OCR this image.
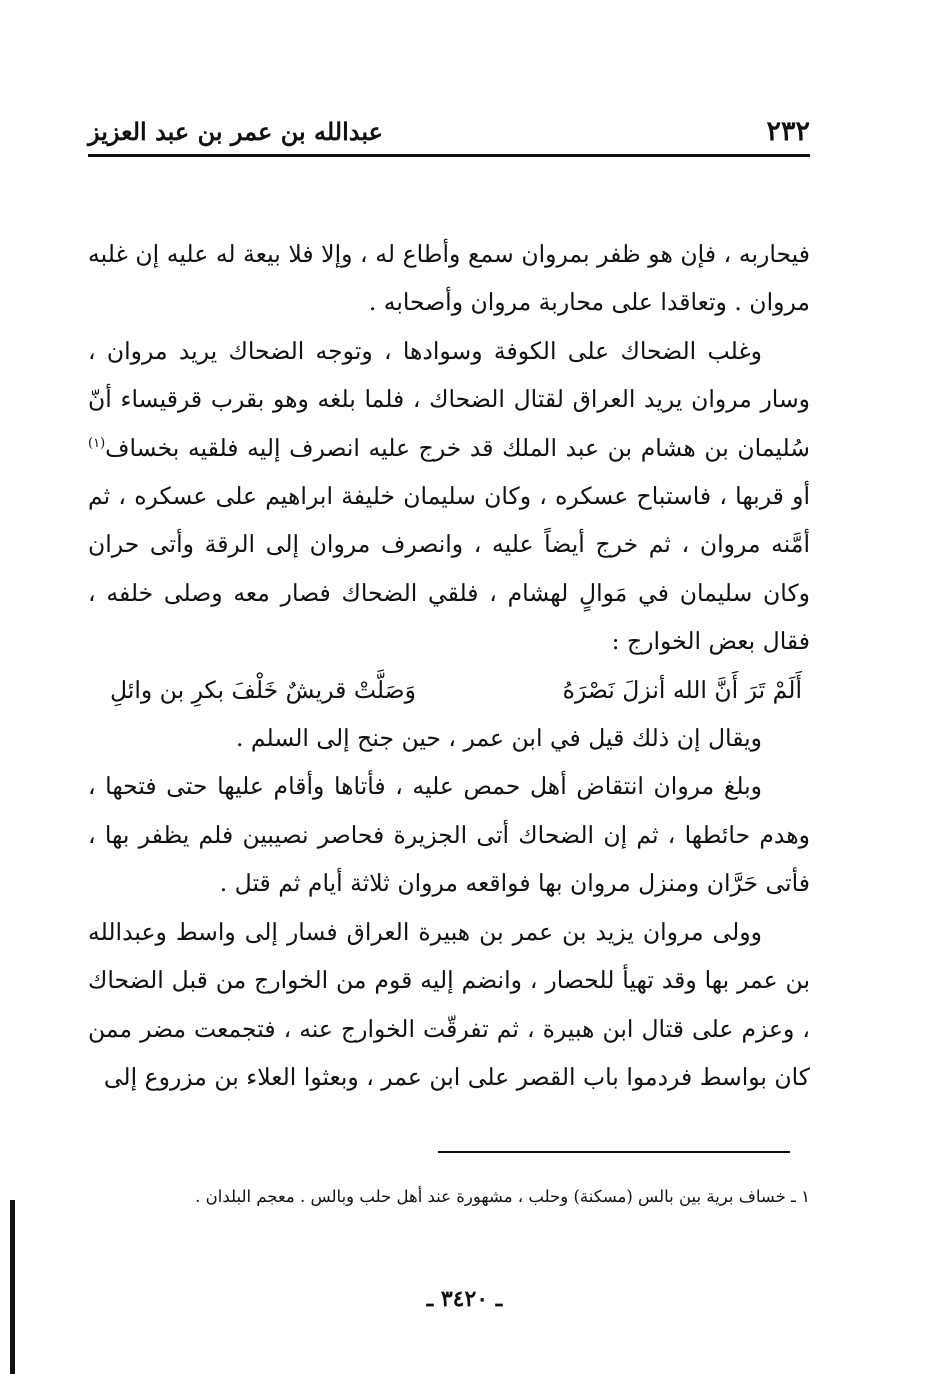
٢٣٢
عبدالله بن عمر بن عبد العزيز

فيحاربه ، فإن هو ظفر بمروان سمع وأطاع له ، وإلا فلا بيعة له عليه إن غلبه مروان . وتعاقدا على محاربة مروان وأصحابه .

وغلب الضحاك على الكوفة وسوادها ، وتوجه الضحاك يريد مروان ، وسار مروان يريد العراق لقتال الضحاك ، فلما بلغه وهو بقرب قرقيساء أنّ سُليمان بن هشام بن عبد الملك قد خرج عليه انصرف إليه فلقيه بخساف$^{(١)}$ أو قربها ، فاستباح عسكره ، وكان سليمان خليفة ابراهيم على عسكره ، ثم أمَّنه مروان ، ثم خرج أيضاً عليه ، وانصرف مروان إلى الرقة وأتى حران وكان سليمان في مَوالٍ لهشام ، فلقي الضحاك فصار معه وصلى خلفه ، فقال بعض الخوارج :

أَلَمْ تَرَ أَنَّ الله أنزلَ نَصْرَهُ
وَصَلَّتْ قريشٌ خَلْفَ بكرِ بن وائلِ

ويقال إن ذلك قيل في ابن عمر ، حين جنح إلى السلم .

وبلغ مروان انتقاض أهل حمص عليه ، فأتاها وأقام عليها حتى فتحها ، وهدم حائطها ، ثم إن الضحاك أتى الجزيرة فحاصر نصيبين فلم يظفر بها ، فأتى حَرَّان ومنزل مروان بها فواقعه مروان ثلاثة أيام ثم قتل .

وولى مروان يزيد بن عمر بن هبيرة العراق فسار إلى واسط وعبدالله بن عمر بها وقد تهيأ للحصار ، وانضم إليه قوم من الخوارج من قبل الضحاك ، وعزم على قتال ابن هبيرة ، ثم تفرقّت الخوارج عنه ، فتجمعت مضر ممن كان بواسط فردموا باب القصر على ابن عمر ، وبعثوا العلاء بن مزروع إلى

١ ـ خساف برية بين بالس (مسكنة) وحلب ، مشهورة عند أهل حلب وبالس . معجم البلدان .

ـ ٣٤٢٠ ـ
